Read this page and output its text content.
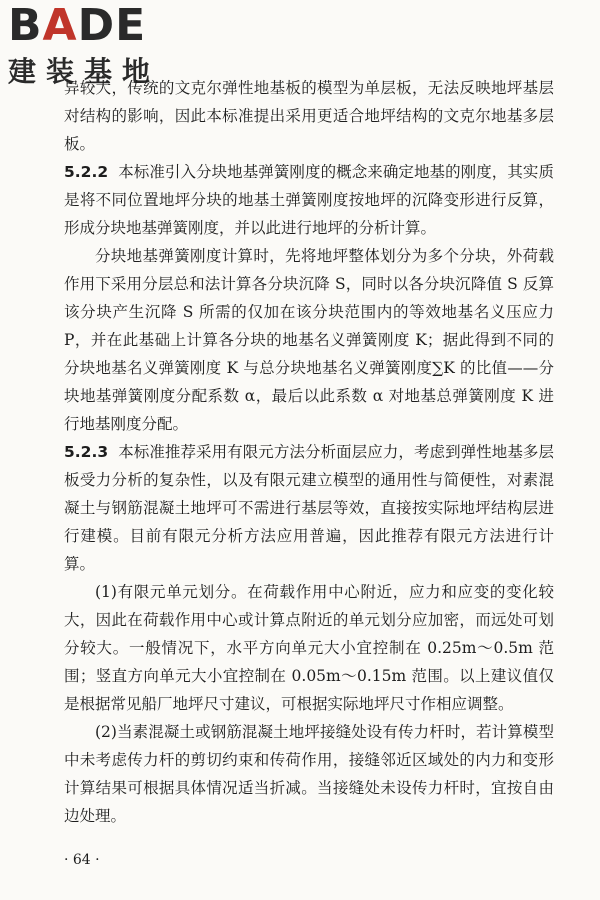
BADE
建装基地

异较大，传统的文克尔弹性地基板的模型为单层板，无法反映地坪基层对结构的影响，因此本标准提出采用更适合地坪结构的文克尔地基多层板。

5.2.2 本标准引入分块地基弹簧刚度的概念来确定地基的刚度，其实质是将不同位置地坪分块的地基土弹簧刚度按地坪的沉降变形进行反算，形成分块地基弹簧刚度，并以此进行地坪的分析计算。

分块地基弹簧刚度计算时，先将地坪整体划分为多个分块，外荷载作用下采用分层总和法计算各分块沉降 S，同时以各分块沉降值 S 反算该分块产生沉降 S 所需的仅加在该分块范围内的等效地基名义压应力 P，并在此基础上计算各分块的地基名义弹簧刚度 K；据此得到不同的分块地基名义弹簧刚度 K 与总分块地基名义弹簧刚度∑K 的比值——分块地基弹簧刚度分配系数 α，最后以此系数 α 对地基总弹簧刚度 K 进行地基刚度分配。

5.2.3 本标准推荐采用有限元方法分析面层应力，考虑到弹性地基多层板受力分析的复杂性，以及有限元建立模型的通用性与简便性，对素混凝土与钢筋混凝土地坪可不需进行基层等效，直接按实际地坪结构层进行建模。目前有限元分析方法应用普遍，因此推荐有限元方法进行计算。

(1)有限元单元划分。在荷载作用中心附近，应力和应变的变化较大，因此在荷载作用中心或计算点附近的单元划分应加密，而远处可划分较大。一般情况下，水平方向单元大小宜控制在 0.25m～0.5m 范围；竖直方向单元大小宜控制在 0.05m～0.15m 范围。以上建议值仅是根据常见船厂地坪尺寸建议，可根据实际地坪尺寸作相应调整。

(2)当素混凝土或钢筋混凝土地坪接缝处设有传力杆时，若计算模型中未考虑传力杆的剪切约束和传荷作用，接缝邻近区域处的内力和变形计算结果可根据具体情况适当折减。当接缝处未设传力杆时，宜按自由边处理。

· 64 ·
